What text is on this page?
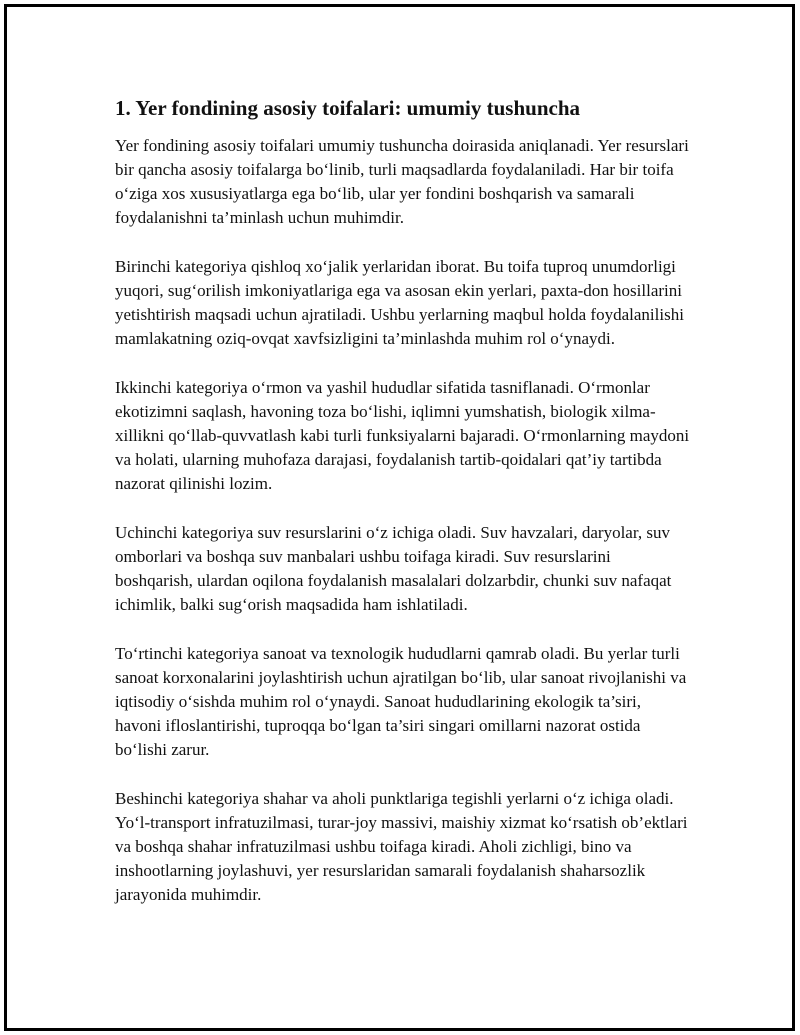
1. Yer fondining asosiy toifalari: umumiy tushuncha

Yer fondining asosiy toifalari umumiy tushuncha doirasida aniqlanadi. Yer resurslari bir qancha asosiy toifalarga bo‘linib, turli maqsadlarda foydalaniladi. Har bir toifa o‘ziga xos xususiyatlarga ega bo‘lib, ular yer fondini boshqarish va samarali foydalanishni ta’minlash uchun muhimdir.

Birinchi kategoriya qishloq xo‘jalik yerlaridan iborat. Bu toifa tuproq unumdorligi yuqori, sug‘orilish imkoniyatlariga ega va asosan ekin yerlari, paxta-don hosillarini yetishtirish maqsadi uchun ajratiladi. Ushbu yerlarning maqbul holda foydalanilishi mamlakatning oziq-ovqat xavfsizligini ta’minlashda muhim rol o‘ynaydi.

Ikkinchi kategoriya o‘rmon va yashil hududlar sifatida tasniflanadi. O‘rmonlar ekotizimni saqlash, havoning toza bo‘lishi, iqlimni yumshatish, biologik xilma-xillikni qo‘llab-quvvatlash kabi turli funksiyalarni bajaradi. O‘rmonlarning maydoni va holati, ularning muhofaza darajasi, foydalanish tartib-qoidalari qat’iy tartibda nazorat qilinishi lozim.

Uchinchi kategoriya suv resurslarini o‘z ichiga oladi. Suv havzalari, daryolar, suv omborlari va boshqa suv manbalari ushbu toifaga kiradi. Suv resurslarini boshqarish, ulardan oqilona foydalanish masalalari dolzarbdir, chunki suv nafaqat ichimlik, balki sug‘orish maqsadida ham ishlatiladi.

To‘rtinchi kategoriya sanoat va texnologik hududlarni qamrab oladi. Bu yerlar turli sanoat korxonalarini joylashtirish uchun ajratilgan bo‘lib, ular sanoat rivojlanishi va iqtisodiy o‘sishda muhim rol o‘ynaydi. Sanoat hududlarining ekologik ta’siri, havoni ifloslantirishi, tuproqqa bo‘lgan ta’siri singari omillarni nazorat ostida bo‘lishi zarur.

Beshinchi kategoriya shahar va aholi punktlariga tegishli yerlarni o‘z ichiga oladi. Yo‘l-transport infratuzilmasi, turar-joy massivi, maishiy xizmat ko‘rsatish ob’ektlari va boshqa shahar infratuzilmasi ushbu toifaga kiradi. Aholi zichligi, bino va inshootlarning joylashuvi, yer resurslaridan samarali foydalanish shaharsozlik jarayonida muhimdir.
